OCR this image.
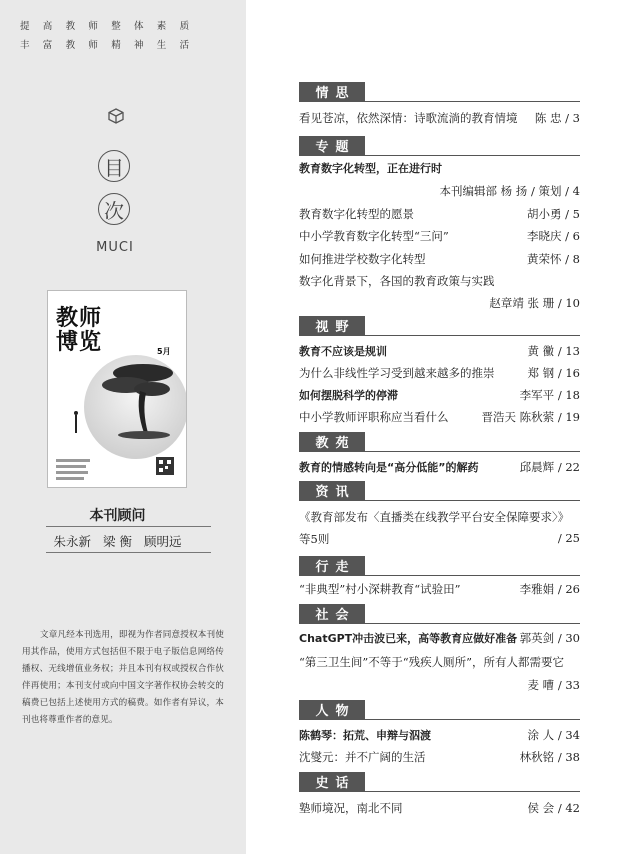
提高教师整体素质
丰富教师精神生活
目
次
MUCI
教师
博览	5月
本刊顾问
朱永新 梁 衡 顾明远
文章凡经本刊选用，即视为作者同意授权本刊使用其作品，使用方式包括但不限于电子版信息网络传播权、无线增值业务权；并且本刊有权或授权合作伙伴再使用；本刊支付或向中国文字著作权协会转交的稿费已包括上述使用方式的稿费。如作者有异议，本刊也将尊重作者的意见。
情思
看见苍凉，依然深情：诗歌流淌的教育情境 陈 忠 / 3
专题
教育数字化转型，正在进行时
本刊编辑部 杨 扬 / 策划 / 4
教育数字化转型的愿景	胡小勇 / 5
中小学教育数字化转型“三问”	李晓庆 / 6
如何推进学校数字化转型	黄荣怀 / 8
数字化背景下，各国的教育政策与实践
赵章靖 张 珊 / 10
视野
教育不应该是规训	黄 黴 / 13
为什么非线性学习受到越来越多的推崇	郑 钢 / 16
如何摆脱科学的停滞	李军平 / 18
中小学教师评职称应当看什么	晋浩天 陈秋萦 / 19
教苑
教育的情感转向是“高分低能”的解药	邱晨辉 / 22
资讯
《教育部发布〈直播类在线教学平台安全保障要求〉》
等5则	/ 25
行走
“非典型”村小深耕教育“试验田”	李雅娟 / 26
社会
ChatGPT冲击波已来，高等教育应做好准备 郭英剑 / 30
“第三卫生间”不等于“残疾人厕所”，所有人都需要它
麦 嘈 / 33
人物
陈鹤琴：拓荒、申辩与泅渡	涂 人 / 34
沈燮元：并不广阔的生活	林秋铭 / 38
史话
塾师境况，南北不同	侯 会 / 42
